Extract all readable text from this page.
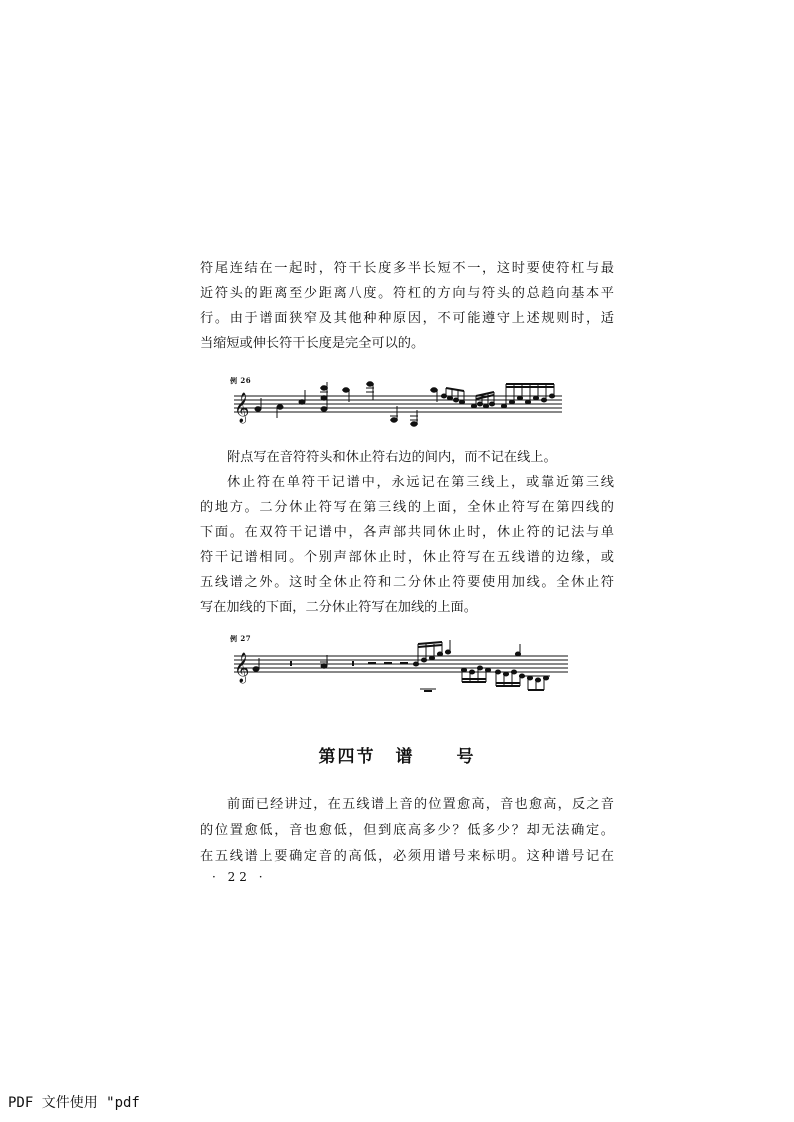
符尾连结在一起时，符干长度多半长短不一，这时要使符杠与最

近符头的距离至少距离八度。符杠的方向与符头的总趋向基本平

行。由于谱面狭窄及其他种种原因，不可能遵守上述规则时，适

当缩短或伸长符干长度是完全可以的。

例 26
𝄞

附点写在音符符头和休止符右边的间内，而不记在线上。

休止符在单符干记谱中，永远记在第三线上，或靠近第三线

的地方。二分休止符写在第三线的上面，全休止符写在第四线的

下面。在双符干记谱中，各声部共同休止时，休止符的记法与单

符干记谱相同。个别声部休止时，休止符写在五线谱的边缘，或

五线谱之外。这时全休止符和二分休止符要使用加线。全休止符

写在加线的下面，二分休止符写在加线的上面。

例 27
𝄞
第四节 谱 号

前面已经讲过，在五线谱上音的位置愈高，音也愈高，反之音

的位置愈低，音也愈低，但到底高多少？低多少？却无法确定。

在五线谱上要确定音的高低，必须用谱号来标明。这种谱号记在

· 22 ·
PDF 文件使用 "pdf
